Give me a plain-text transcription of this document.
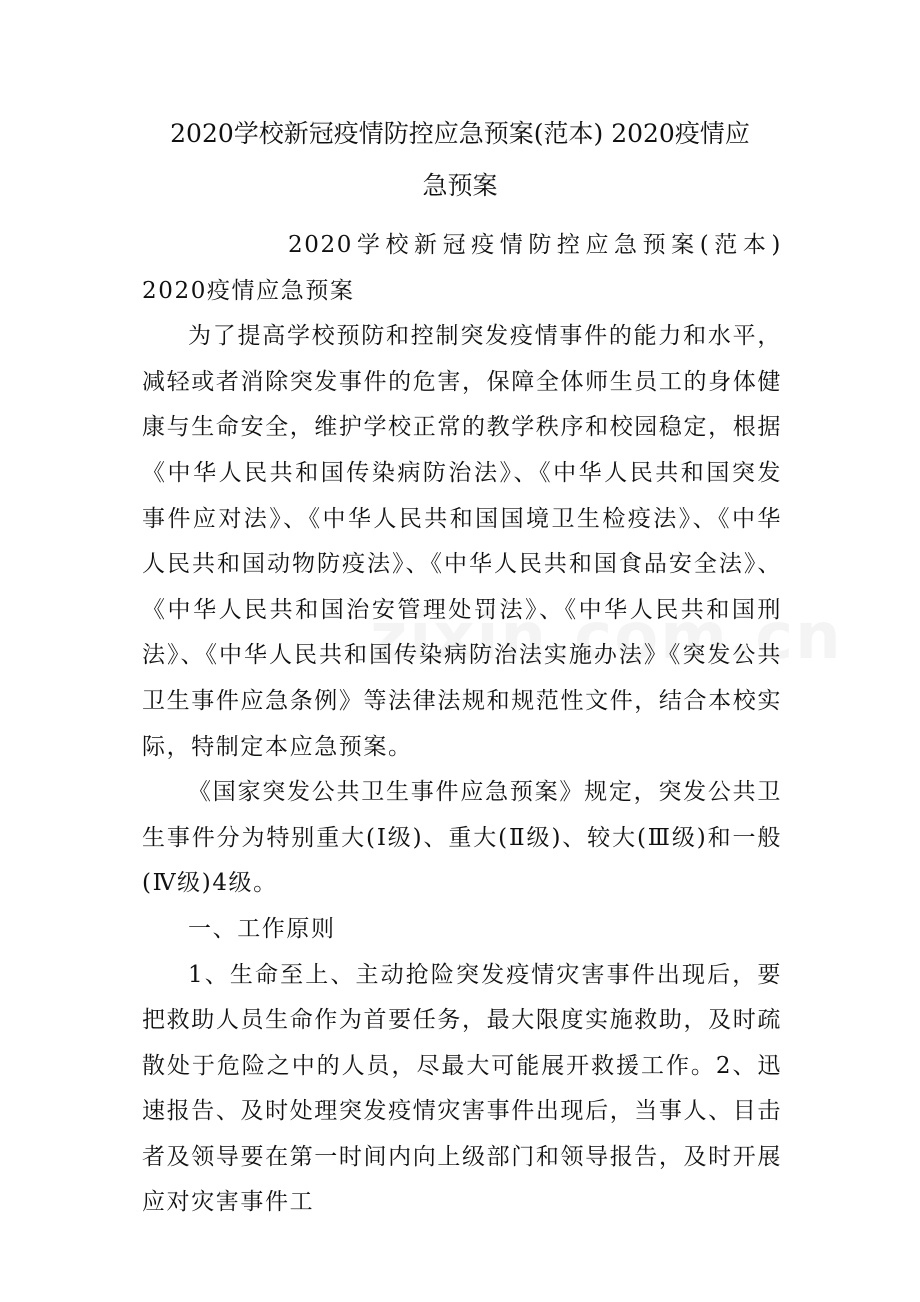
2020学校新冠疫情防控应急预案(范本) 2020疫情应
急预案

2020学校新冠疫情防控应急预案(范本) 2020疫情应急预案

为了提高学校预防和控制突发疫情事件的能力和水平，减轻或者消除突发事件的危害，保障全体师生员工的身体健康与生命安全，维护学校正常的教学秩序和校园稳定，根据《中华人民共和国传染病防治法》、《中华人民共和国突发事件应对法》、《中华人民共和国国境卫生检疫法》、《中华人民共和国动物防疫法》、《中华人民共和国食品安全法》、《中华人民共和国治安管理处罚法》、《中华人民共和国刑法》、《中华人民共和国传染病防治法实施办法》《突发公共卫生事件应急条例》等法律法规和规范性文件，结合本校实际，特制定本应急预案。

《国家突发公共卫生事件应急预案》规定，突发公共卫生事件分为特别重大(Ⅰ级)、重大(Ⅱ级)、较大(Ⅲ级)和一般(Ⅳ级)4级。

一、工作原则

1、生命至上、主动抢险突发疫情灾害事件出现后，要把救助人员生命作为首要任务，最大限度实施救助，及时疏散处于危险之中的人员，尽最大可能展开救援工作。2、迅速报告、及时处理突发疫情灾害事件出现后，当事人、目击者及领导要在第一时间内向上级部门和领导报告，及时开展应对灾害事件工
